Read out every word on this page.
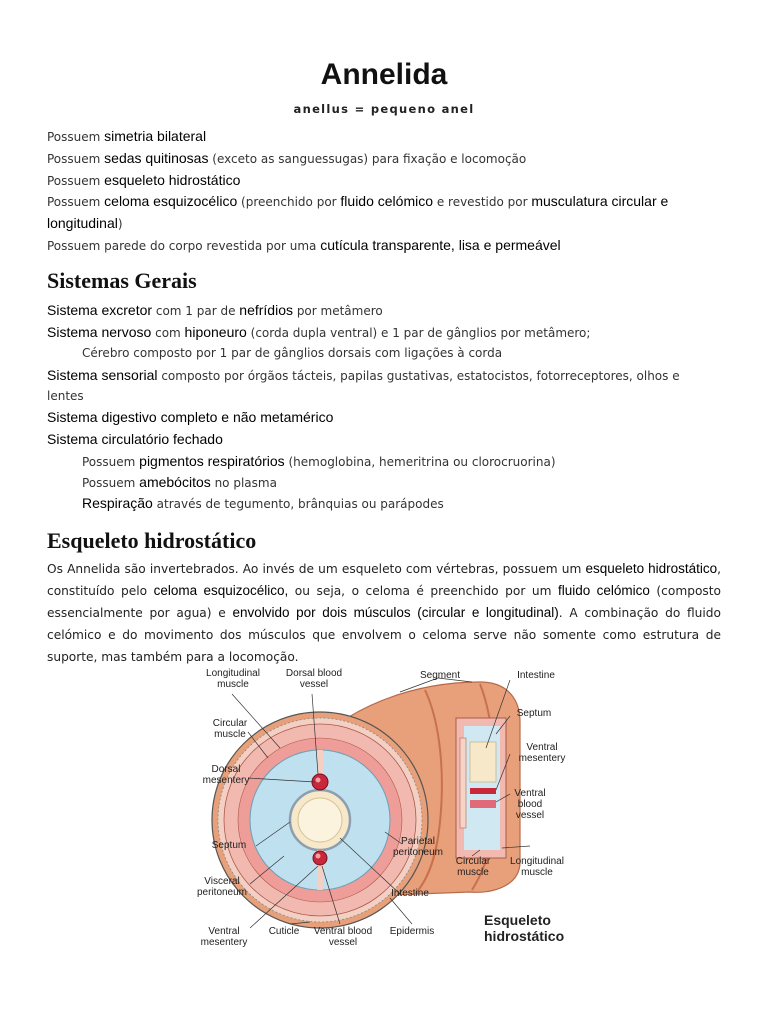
Annelida
anellus = pequeno anel
Possuem simetria bilateral
Possuem sedas quitinosas (exceto as sanguessugas) para fixação e locomoção
Possuem esqueleto hidrostático
Possuem celoma esquizocélico (preenchido por fluido celómico e revestido por musculatura circular e
longitudinal)
Possuem parede do corpo revestida por uma cutícula transparente, lisa e permeável
Sistemas Gerais
Sistema excretor com 1 par de nefrídios por metâmero
Sistema nervoso com hiponeuro (corda dupla ventral) e 1 par de gânglios por metâmero;
Cérebro composto por 1 par de gânglios dorsais com ligações à corda
Sistema sensorial composto por órgãos tácteis, papilas gustativas, estatocistos, fotorreceptores, olhos e
lentes
Sistema digestivo completo e não metamérico
Sistema circulatório fechado
Possuem pigmentos respiratórios (hemoglobina, hemeritrina ou clorocruorina)
Possuem amebócitos no plasma
Respiração através de tegumento, brânquias ou parápodes
Esqueleto hidrostático
Os Annelida são invertebrados. Ao invés de um esqueleto com vértebras, possuem um esqueleto hidrostático, constituído pelo celoma esquizocélico, ou seja, o celoma é preenchido por um fluido celómico (composto essencialmente por agua) e envolvido por dois músculos (circular e longitudinal). A combinação do fluido celómico e do movimento dos músculos que envolvem o celoma serve não somente como estrutura de suporte, mas também para a locomoção.
Longitudinal
muscle
Dorsal blood
vessel
Segment	Intestine
Circular
muscle
Septum
Ventral
mesentery
Dorsal
mesentery
Ventral
blood
vessel
Septum	Parietal
peritoneum
Circular
muscle
Longitudinal
muscle
Visceral
peritoneum	Intestine
Ventral
mesentery
Cuticle	Ventral blood
vessel
Epidermis
Esqueleto
hidrostático
